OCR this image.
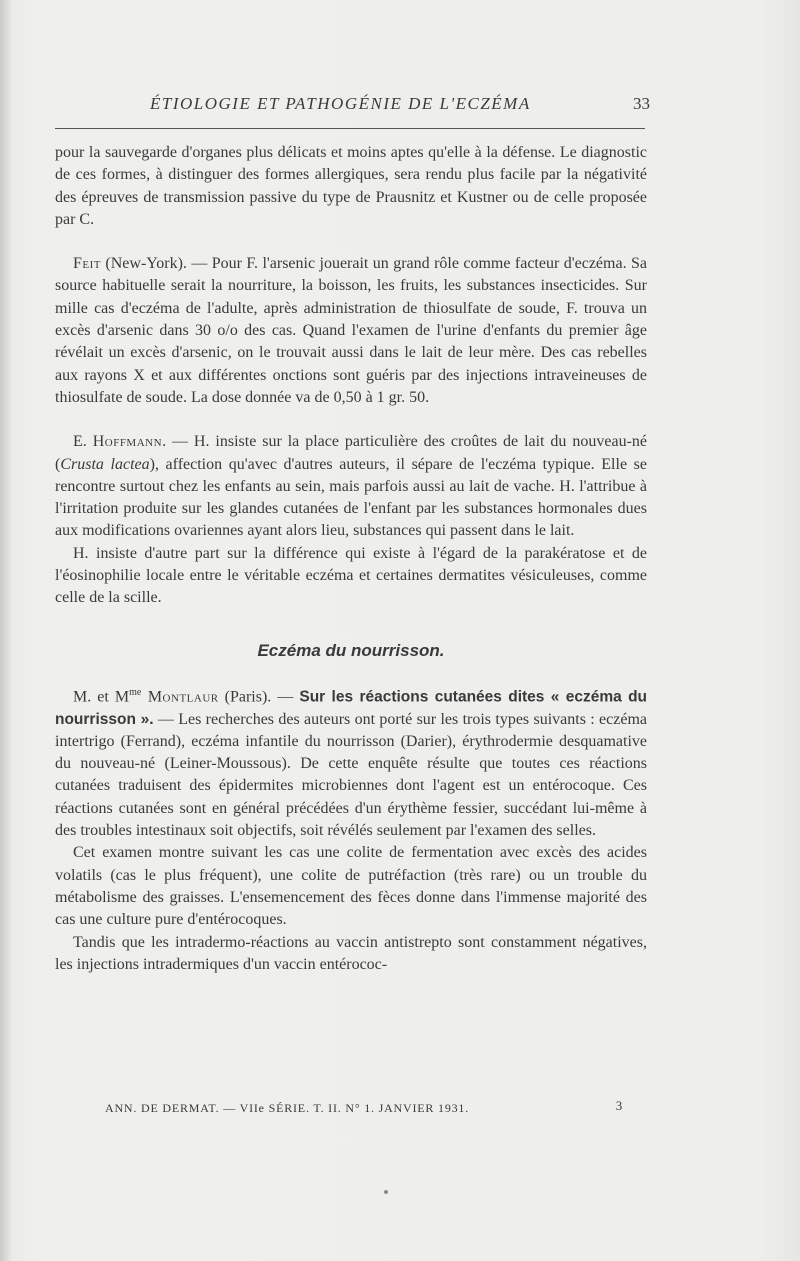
ÉTIOLOGIE ET PATHOGÉNIE DE L'ECZÉMA	33

pour la sauvegarde d'organes plus délicats et moins aptes qu'elle à la défense. Le diagnostic de ces formes, à distinguer des formes allergiques, sera rendu plus facile par la négativité des épreuves de transmission passive du type de Prausnitz et Kustner ou de celle proposée par C.

Feit (New-York). — Pour F. l'arsenic jouerait un grand rôle comme facteur d'eczéma. Sa source habituelle serait la nourriture, la boisson, les fruits, les substances insecticides. Sur mille cas d'eczéma de l'adulte, après administration de thiosulfate de soude, F. trouva un excès d'arsenic dans 30 o/o des cas. Quand l'examen de l'urine d'enfants du premier âge révélait un excès d'arsenic, on le trouvait aussi dans le lait de leur mère. Des cas rebelles aux rayons X et aux différentes onctions sont guéris par des injections intraveineuses de thiosulfate de soude. La dose donnée va de 0,50 à 1 gr. 50.

E. Hoffmann. — H. insiste sur la place particulière des croûtes de lait du nouveau-né (Crusta lactea), affection qu'avec d'autres auteurs, il sépare de l'eczéma typique. Elle se rencontre surtout chez les enfants au sein, mais parfois aussi au lait de vache. H. l'attribue à l'irritation produite sur les glandes cutanées de l'enfant par les substances hormonales dues aux modifications ovariennes ayant alors lieu, substances qui passent dans le lait.

H. insiste d'autre part sur la différence qui existe à l'égard de la parakératose et de l'éosinophilie locale entre le véritable eczéma et certaines dermatites vésiculeuses, comme celle de la scille.

Eczéma du nourrisson.

M. et $M^{me}$ Montlaur (Paris). — Sur les réactions cutanées dites « eczéma du nourrisson ». — Les recherches des auteurs ont porté sur les trois types suivants : eczéma intertrigo (Ferrand), eczéma infantile du nourrisson (Darier), érythrodermie desquamative du nouveau-né (Leiner-Moussous). De cette enquête résulte que toutes ces réactions cutanées traduisent des épidermites microbiennes dont l'agent est un entérocoque. Ces réactions cutanées sont en général précédées d'un érythème fessier, succédant lui-même à des troubles intestinaux soit objectifs, soit révélés seulement par l'examen des selles.

Cet examen montre suivant les cas une colite de fermentation avec excès des acides volatils (cas le plus fréquent), une colite de putréfaction (très rare) ou un trouble du métabolisme des graisses. L'ensemencement des fèces donne dans l'immense majorité des cas une culture pure d'entérocoques.

Tandis que les intradermo-réactions au vaccin antistrepto sont constamment négatives, les injections intradermiques d'un vaccin entérococ-

ANN. DE DERMAT. — VIIe SÉRIE. T. II. N° 1. JANVIER 1931.	3
